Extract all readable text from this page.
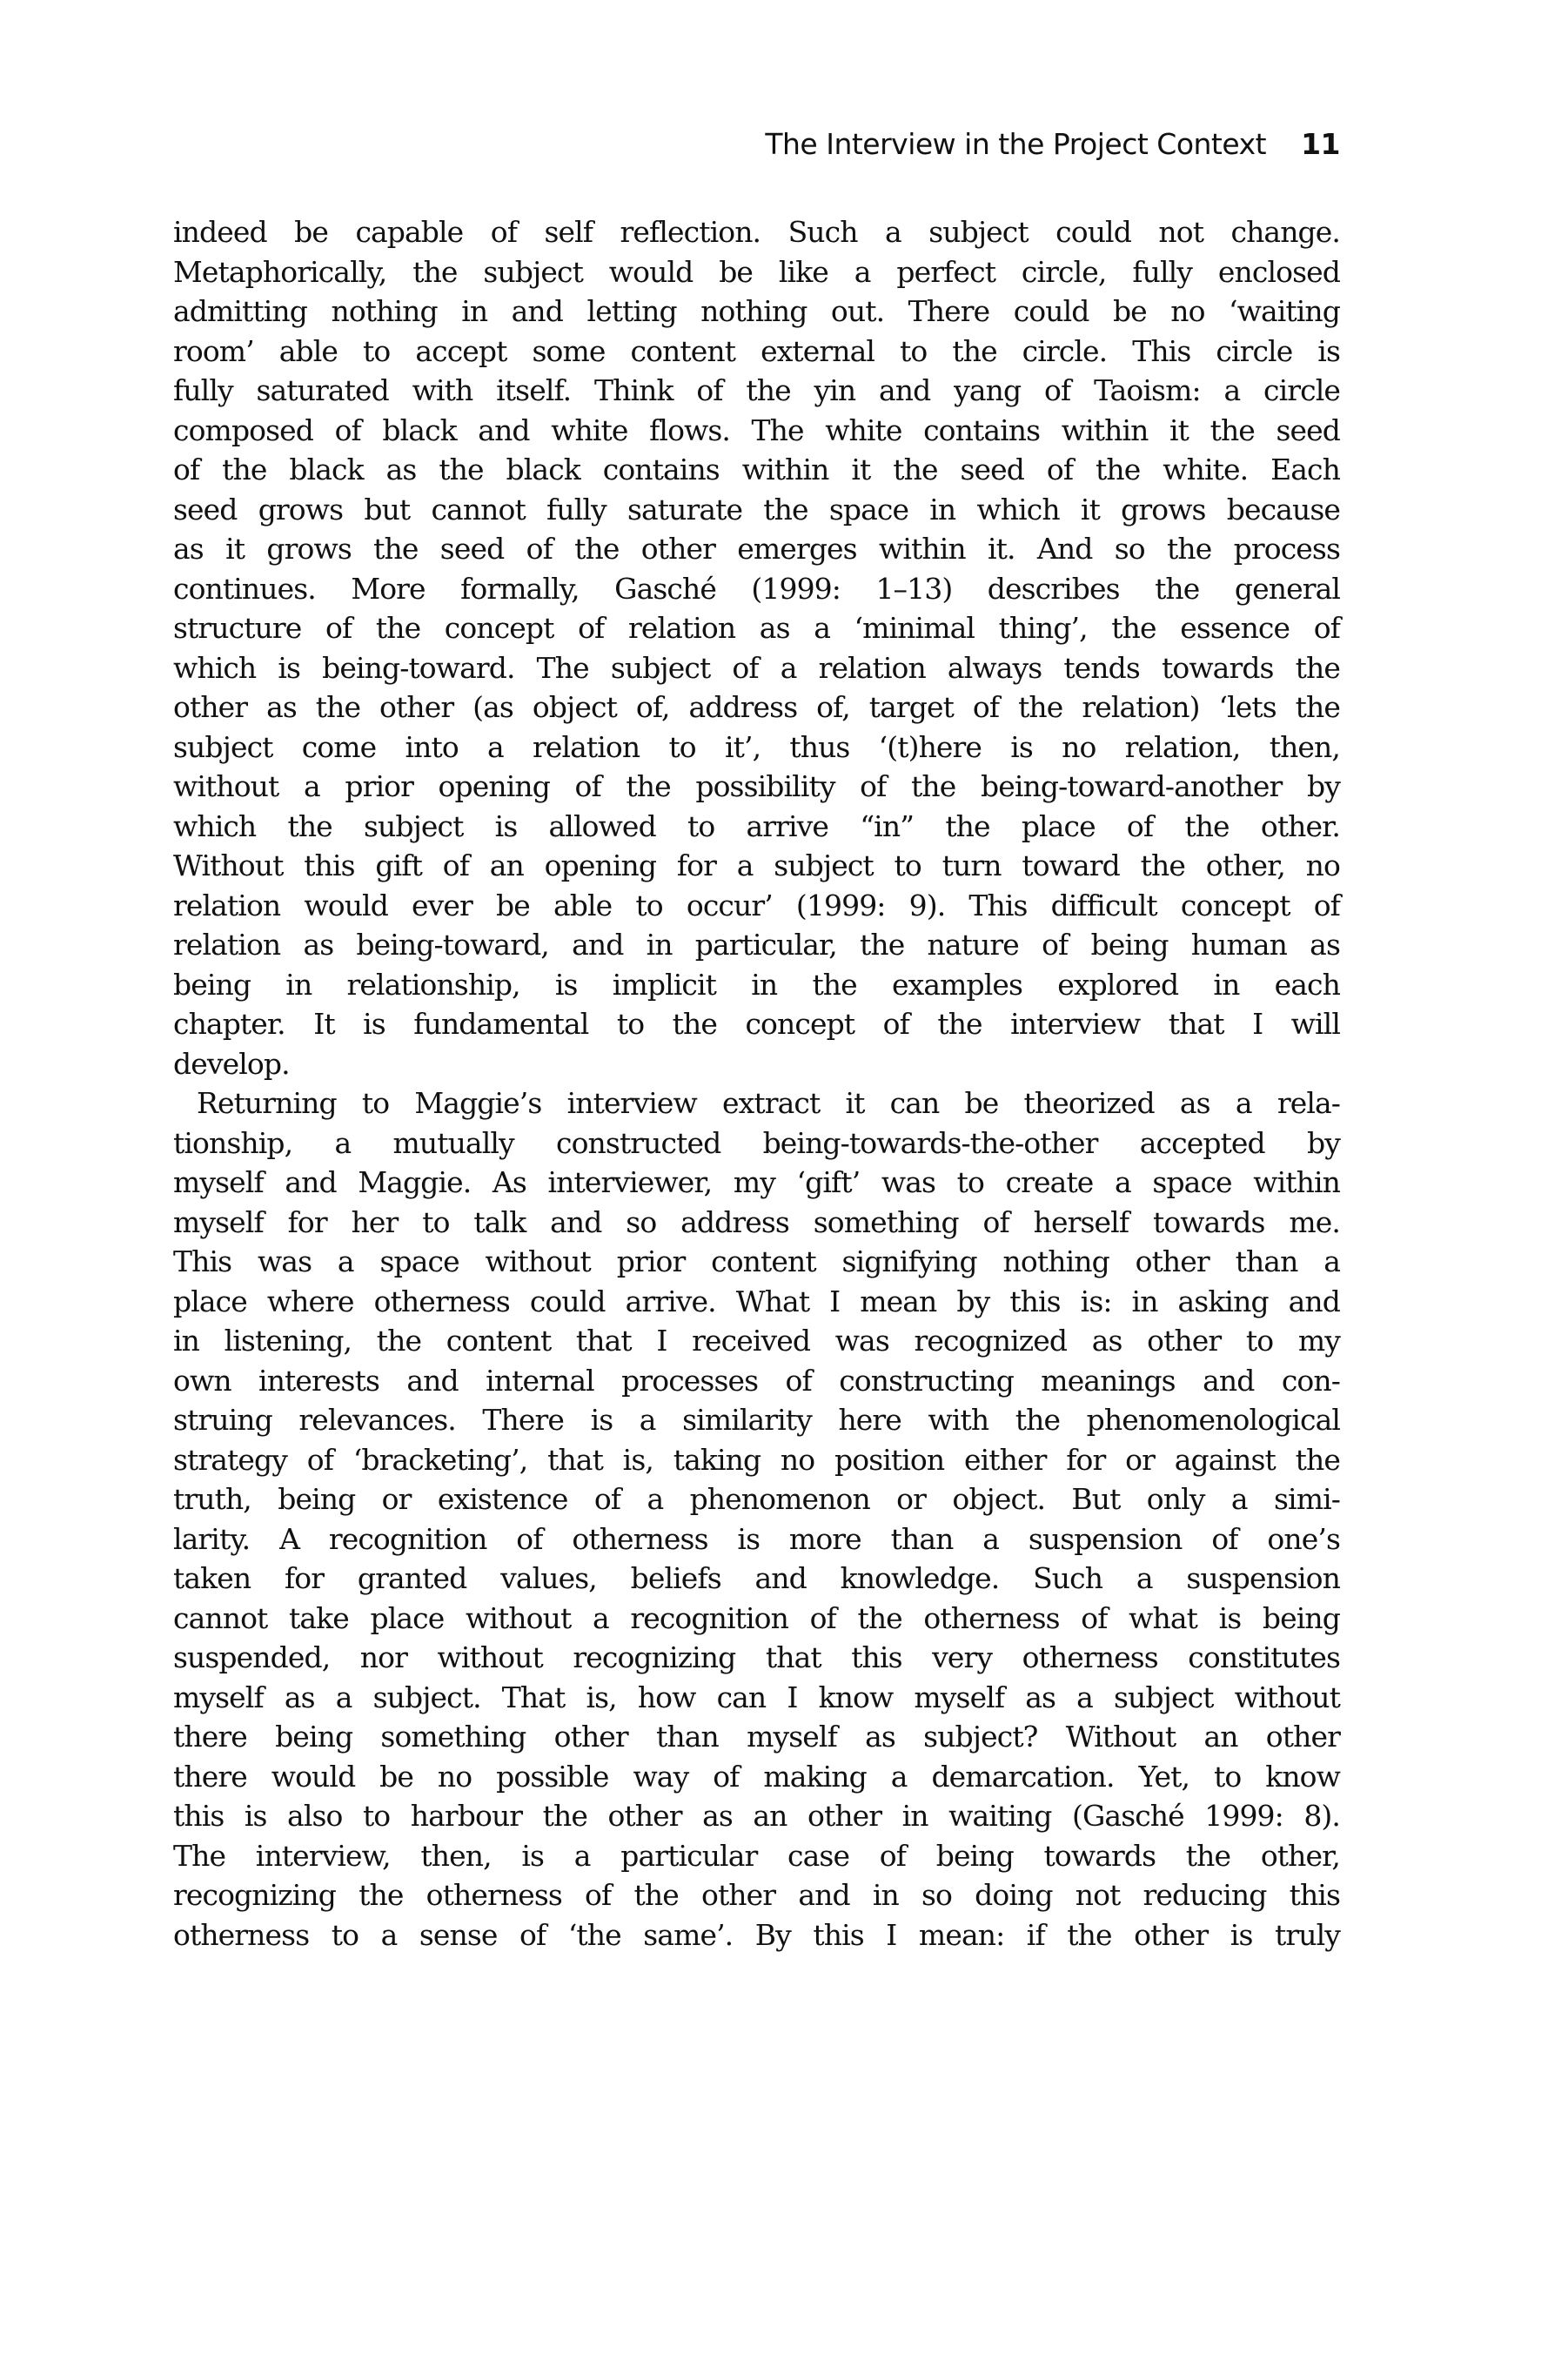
The Interview in the Project Context 11
indeed be capable of self reflection. Such a subject could not change.
Metaphorically, the subject would be like a perfect circle, fully enclosed
admitting nothing in and letting nothing out. There could be no ‘waiting
room’ able to accept some content external to the circle. This circle is
fully saturated with itself. Think of the yin and yang of Taoism: a circle
composed of black and white flows. The white contains within it the seed
of the black as the black contains within it the seed of the white. Each
seed grows but cannot fully saturate the space in which it grows because
as it grows the seed of the other emerges within it. And so the process
continues. More formally, Gasché (1999: 1–13) describes the general
structure of the concept of relation as a ‘minimal thing’, the essence of
which is being-toward. The subject of a relation always tends towards the
other as the other (as object of, address of, target of the relation) ‘lets the
subject come into a relation to it’, thus ‘(t)here is no relation, then,
without a prior opening of the possibility of the being-toward-another by
which the subject is allowed to arrive “in” the place of the other.
Without this gift of an opening for a subject to turn toward the other, no
relation would ever be able to occur’ (1999: 9). This difficult concept of
relation as being-toward, and in particular, the nature of being human as
being in relationship, is implicit in the examples explored in each
chapter. It is fundamental to the concept of the interview that I will
develop.
Returning to Maggie’s interview extract it can be theorized as a rela-
tionship, a mutually constructed being-towards-the-other accepted by
myself and Maggie. As interviewer, my ‘gift’ was to create a space within
myself for her to talk and so address something of herself towards me.
This was a space without prior content signifying nothing other than a
place where otherness could arrive. What I mean by this is: in asking and
in listening, the content that I received was recognized as other to my
own interests and internal processes of constructing meanings and con-
struing relevances. There is a similarity here with the phenomenological
strategy of ‘bracketing’, that is, taking no position either for or against the
truth, being or existence of a phenomenon or object. But only a simi-
larity. A recognition of otherness is more than a suspension of one’s
taken for granted values, beliefs and knowledge. Such a suspension
cannot take place without a recognition of the otherness of what is being
suspended, nor without recognizing that this very otherness constitutes
myself as a subject. That is, how can I know myself as a subject without
there being something other than myself as subject? Without an other
there would be no possible way of making a demarcation. Yet, to know
this is also to harbour the other as an other in waiting (Gasché 1999: 8).
The interview, then, is a particular case of being towards the other,
recognizing the otherness of the other and in so doing not reducing this
otherness to a sense of ‘the same’. By this I mean: if the other is truly
